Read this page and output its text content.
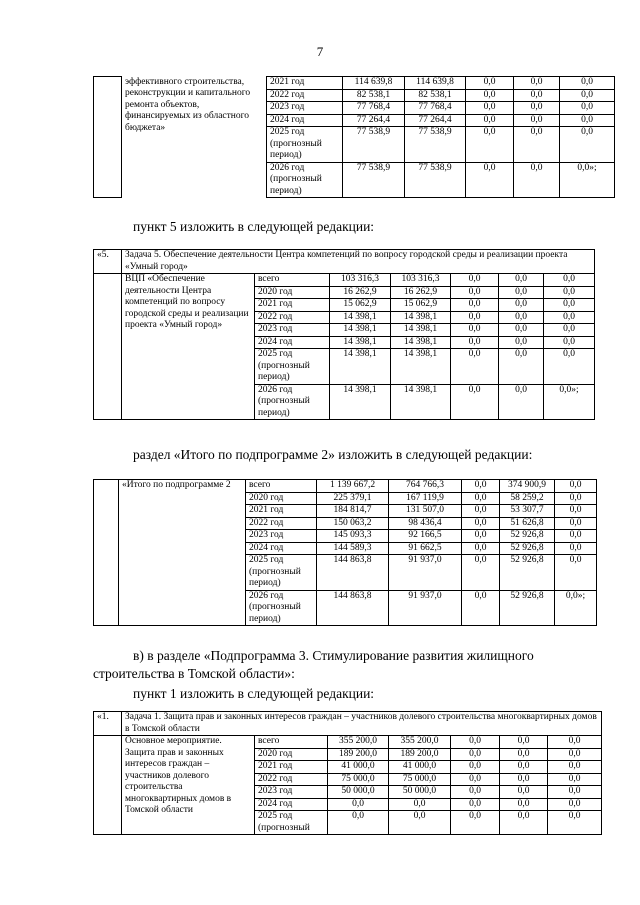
7
	эффективного строительства, реконструкции и капитального ремонта объектов, финансируемых из областного бюджета»	2021 год	114 639,8	114 639,8	0,0	0,0	0,0
		2022 год	82 538,1	82 538,1	0,0	0,0	0,0
		2023 год	77 768,4	77 768,4	0,0	0,0	0,0
		2024 год	77 264,4	77 264,4	0,0	0,0	0,0
		2025 год (прогнозный период)	77 538,9	77 538,9	0,0	0,0	0,0
		2026 год (прогнозный период)	77 538,9	77 538,9	0,0	0,0	0,0»;

пункт 5 изложить в следующей редакции:

«5.	Задача 5. Обеспечение деятельности Центра компетенций по вопросу городской среды и реализации проекта «Умный город»						
	ВЦП «Обеспечение деятельности Центра компетенций по вопросу городской среды и реализации проекта «Умный город»	всего	103 316,3	103 316,3	0,0	0,0	0,0
		2020 год	16 262,9	16 262,9	0,0	0,0	0,0
		2021 год	15 062,9	15 062,9	0,0	0,0	0,0
		2022 год	14 398,1	14 398,1	0,0	0,0	0,0
		2023 год	14 398,1	14 398,1	0,0	0,0	0,0
		2024 год	14 398,1	14 398,1	0,0	0,0	0,0
		2025 год (прогнозный период)	14 398,1	14 398,1	0,0	0,0	0,0
		2026 год (прогнозный период)	14 398,1	14 398,1	0,0	0,0	0,0»;

раздел «Итого по подпрограмме 2» изложить в следующей редакции:

	«Итого по подпрограмме 2	всего	1 139 667,2	764 766,3	0,0	374 900,9	0,0
		2020 год	225 379,1	167 119,9	0,0	58 259,2	0,0
		2021 год	184 814,7	131 507,0	0,0	53 307,7	0,0
		2022 год	150 063,2	98 436,4	0,0	51 626,8	0,0
		2023 год	145 093,3	92 166,5	0,0	52 926,8	0,0
		2024 год	144 589,3	91 662,5	0,0	52 926,8	0,0
		2025 год (прогнозный период)	144 863,8	91 937,0	0,0	52 926,8	0,0
		2026 год (прогнозный период)	144 863,8	91 937,0	0,0	52 926,8	0,0»;

в) в разделе «Подпрограмма 3. Стимулирование развития жилищного

строительства в Томской области»:

пункт 1 изложить в следующей редакции:

«1.	Задача 1. Защита прав и законных интересов граждан – участников долевого строительства многоквартирных домов в Томской области						
	Основное мероприятие. Защита прав и законных интересов граждан – участников долевого строительства многоквартирных домов в Томской области	всего	355 200,0	355 200,0	0,0	0,0	0,0
		2020 год	189 200,0	189 200,0	0,0	0,0	0,0
		2021 год	41 000,0	41 000,0	0,0	0,0	0,0
		2022 год	75 000,0	75 000,0	0,0	0,0	0,0
		2023 год	50 000,0	50 000,0	0,0	0,0	0,0
		2024 год	0,0	0,0	0,0	0,0	0,0
		2025 год (прогнозный	0,0	0,0	0,0	0,0	0,0
